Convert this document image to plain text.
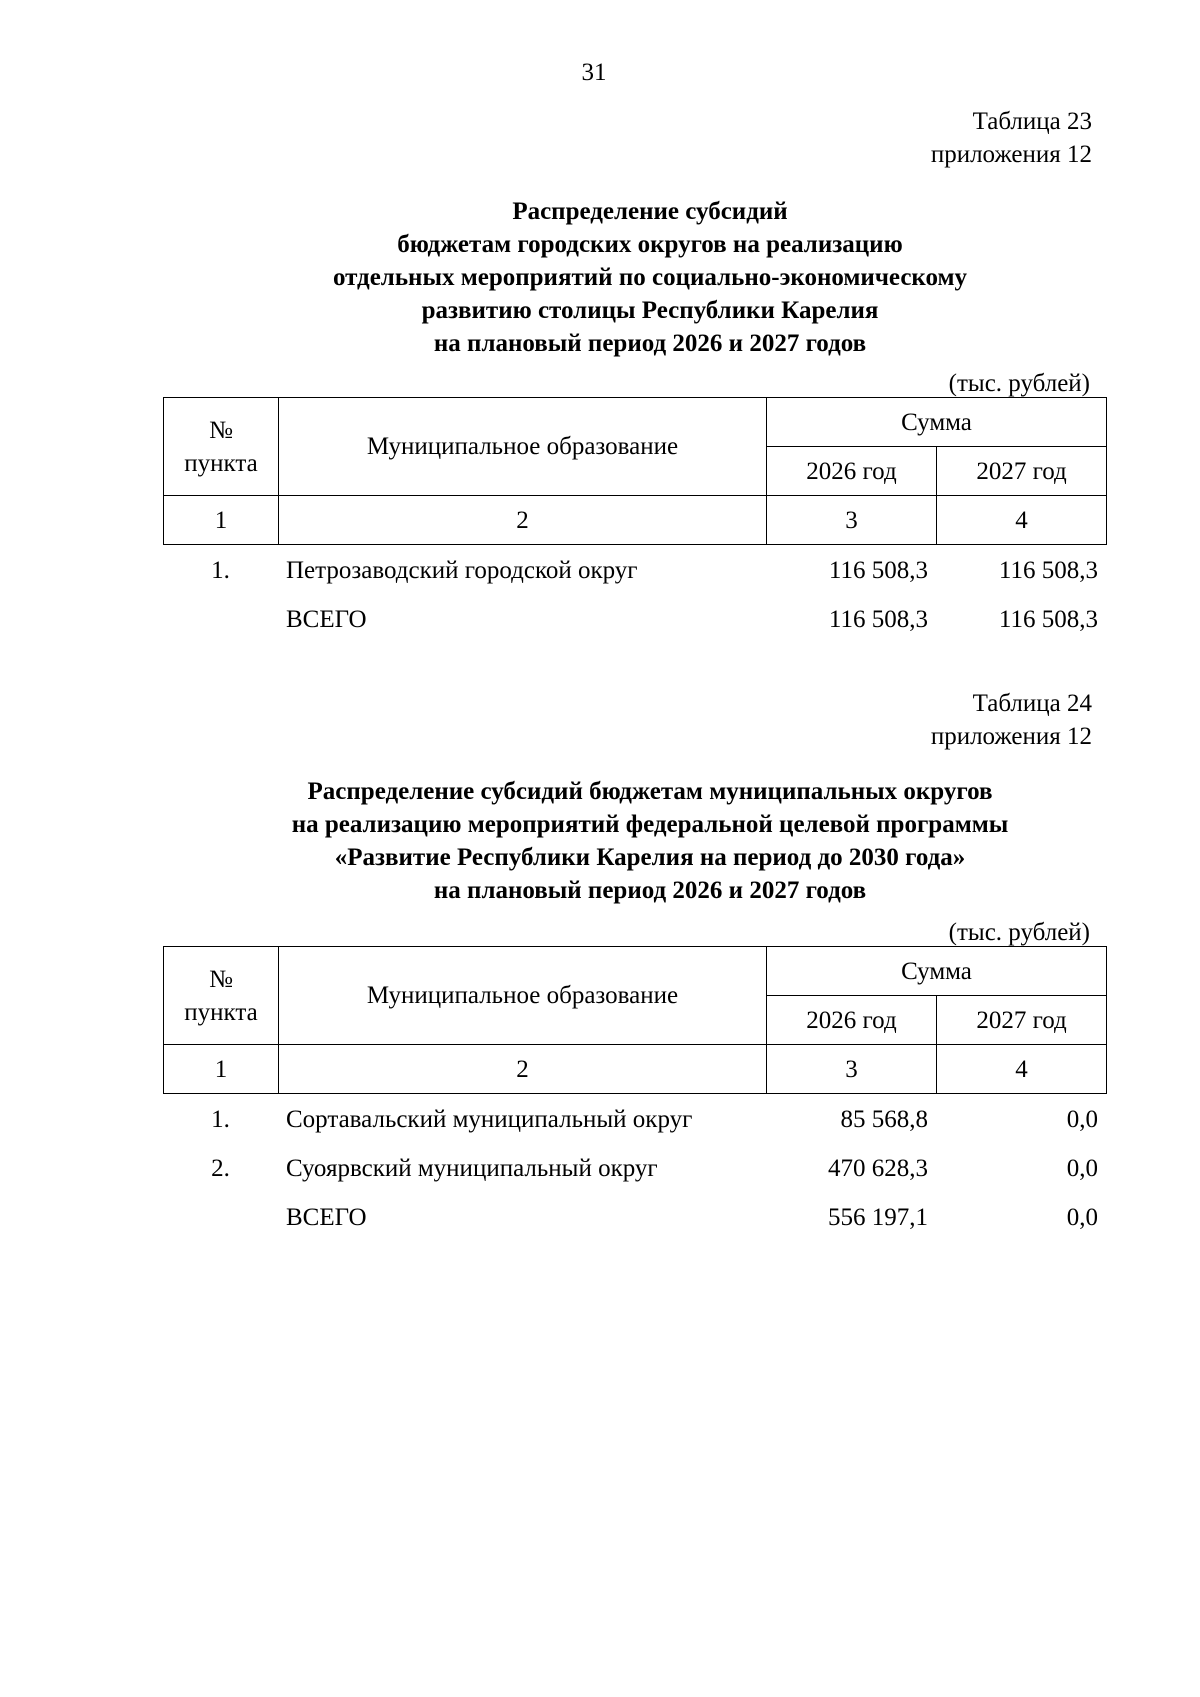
31
Таблица 23
приложения 12
Распределение субсидий
бюджетам городских округов на реализацию
отдельных мероприятий по социально-экономическому
развитию столицы Республики Карелия
на плановый период 2026 и 2027 годов
(тыс. рублей)
№
пункта	Муниципальное образование	Сумма	
		2026 год	2027 год
1	2	3	4
1.	Петрозаводский городской округ	116 508,3	116 508,3
	ВСЕГО	116 508,3	116 508,3
Таблица 24
приложения 12
Распределение субсидий бюджетам муниципальных округов
на реализацию мероприятий федеральной целевой программы
«Развитие Республики Карелия на период до 2030 года»
на плановый период 2026 и 2027 годов
(тыс. рублей)
№
пункта	Муниципальное образование	Сумма	
		2026 год	2027 год
1	2	3	4
1.	Сортавальский муниципальный округ	85 568,8	0,0
2.	Суоярвский муниципальный округ	470 628,3	0,0
	ВСЕГО	556 197,1	0,0
